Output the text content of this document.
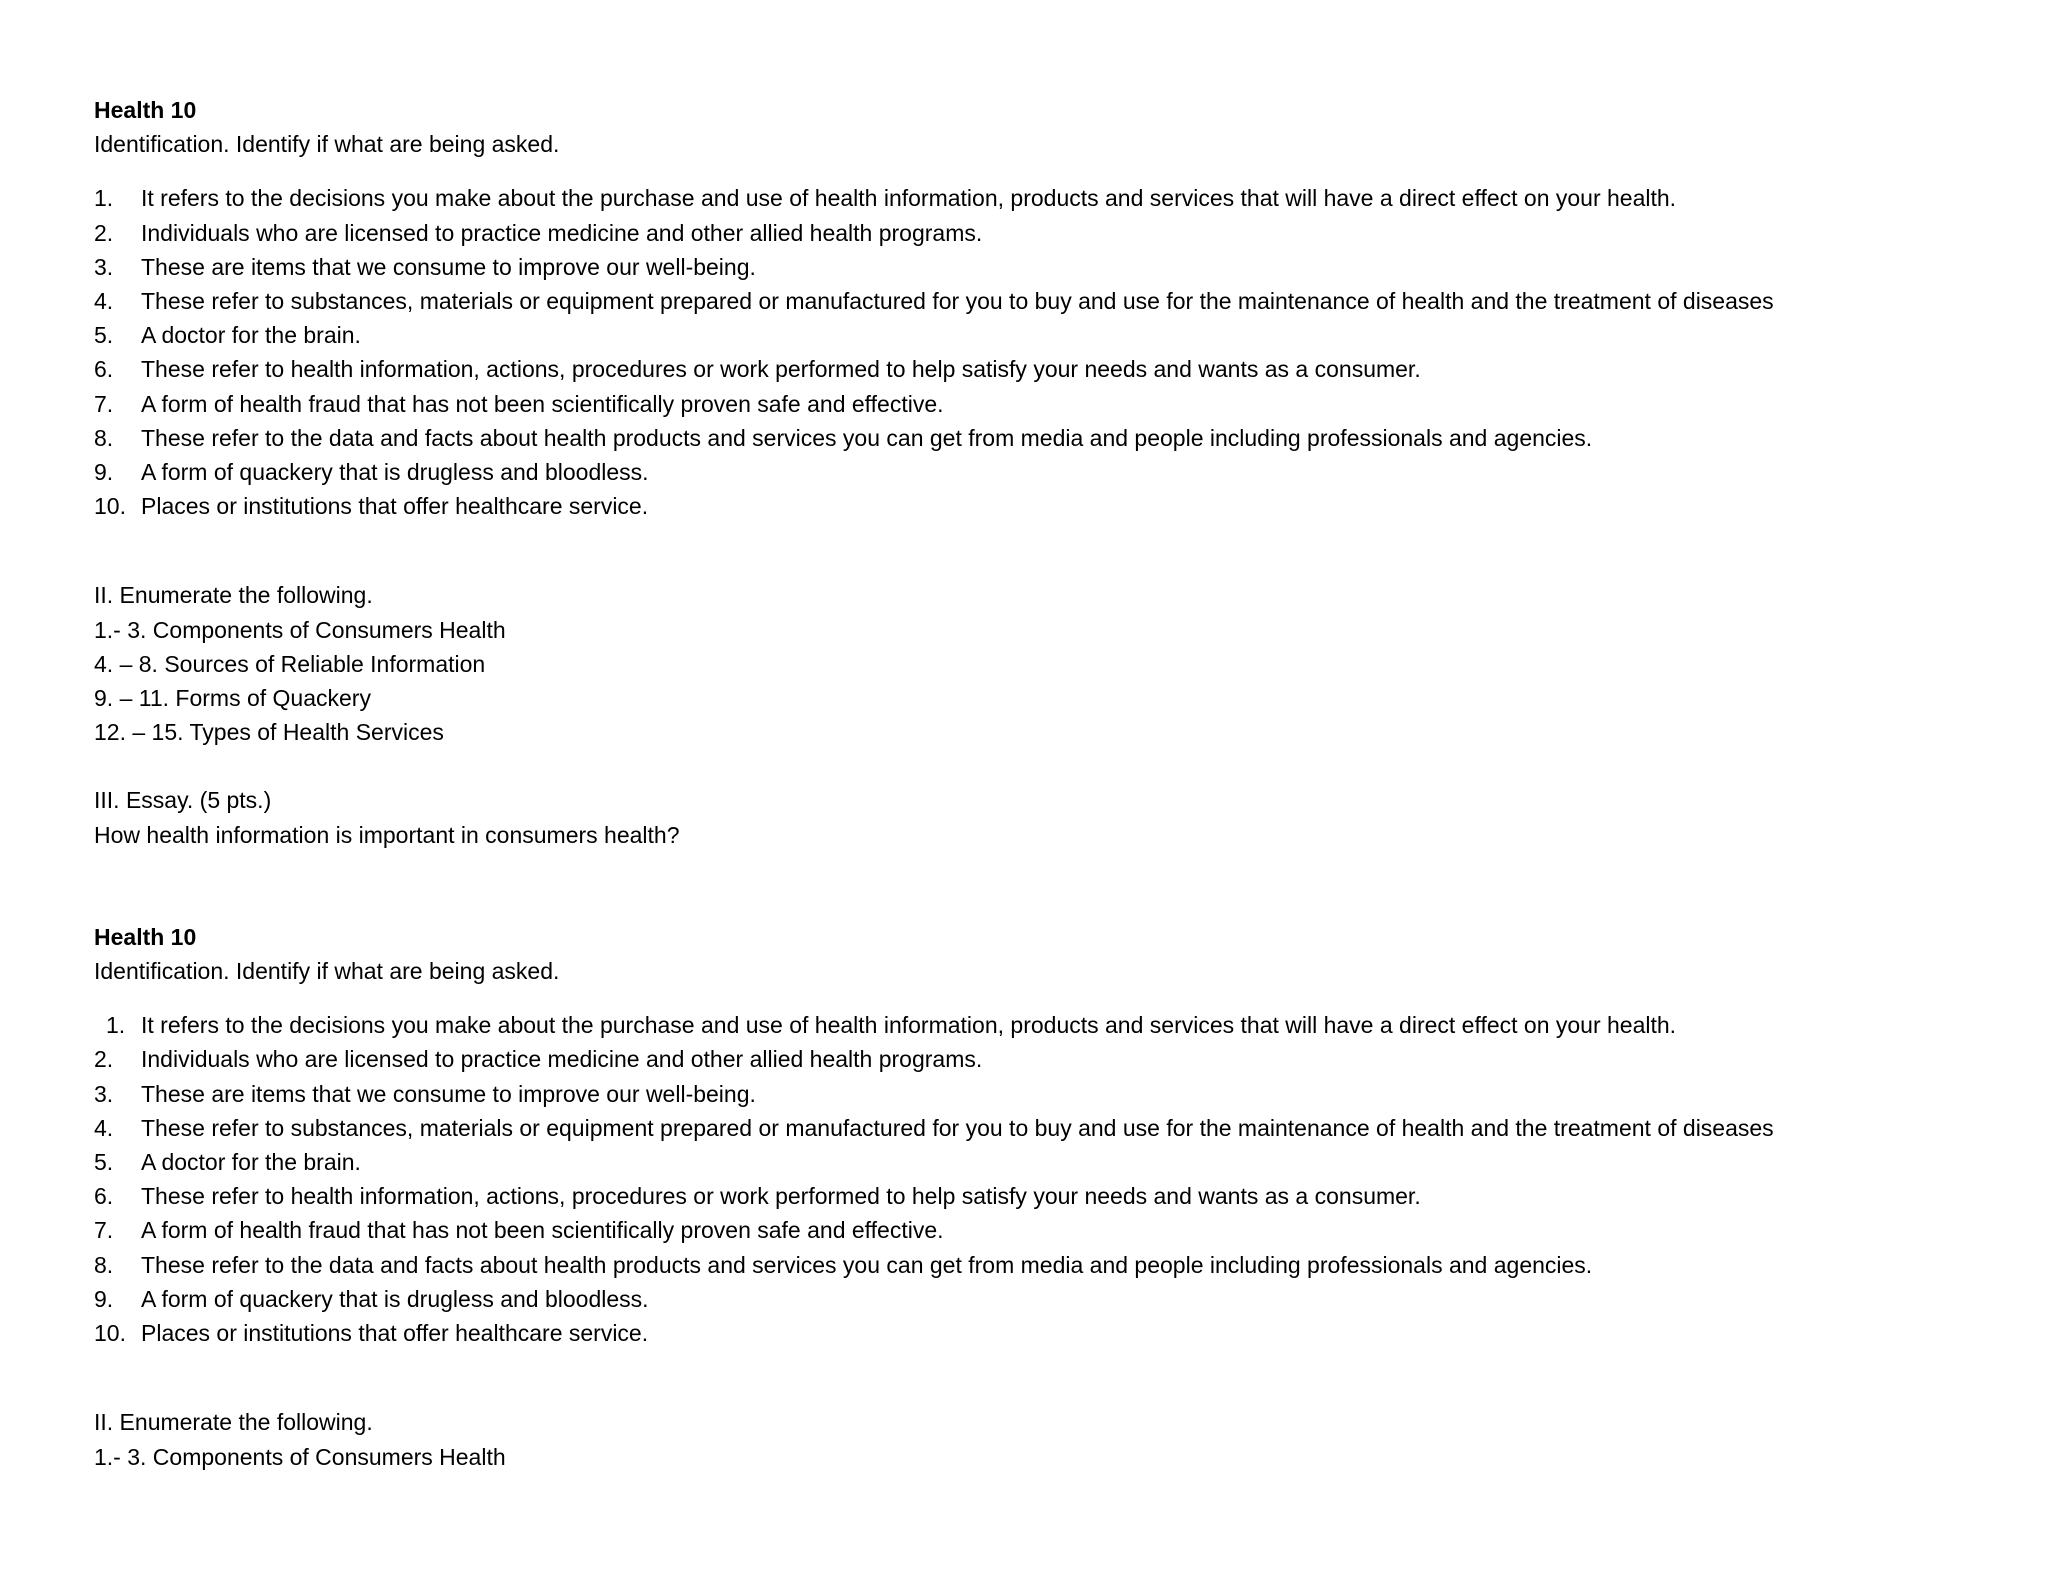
Health 10

Identification. Identify if what are being asked.

1. It refers to the decisions you make about the purchase and use of health information, products and services that will have a direct effect on your health.
2. Individuals who are licensed to practice medicine and other allied health programs.
3. These are items that we consume to improve our well-being.
4. These refer to substances, materials or equipment prepared or manufactured for you to buy and use for the maintenance of health and the treatment of diseases
5. A doctor for the brain.
6. These refer to health information, actions, procedures or work performed to help satisfy your needs and wants as a consumer.
7. A form of health fraud that has not been scientifically proven safe and effective.
8. These refer to the data and facts about health products and services you can get from media and people including professionals and agencies.
9. A form of quackery that is drugless and bloodless.
10. Places or institutions that offer healthcare service.

II. Enumerate the following.

1.- 3. Components of Consumers Health

4. – 8. Sources of Reliable Information

9. – 11. Forms of Quackery

12. – 15. Types of Health Services

III. Essay. (5 pts.)

How health information is important in consumers health?

Health 10

Identification. Identify if what are being asked.

1. It refers to the decisions you make about the purchase and use of health information, products and services that will have a direct effect on your health.
2. Individuals who are licensed to practice medicine and other allied health programs.
3. These are items that we consume to improve our well-being.
4. These refer to substances, materials or equipment prepared or manufactured for you to buy and use for the maintenance of health and the treatment of diseases
5. A doctor for the brain.
6. These refer to health information, actions, procedures or work performed to help satisfy your needs and wants as a consumer.
7. A form of health fraud that has not been scientifically proven safe and effective.
8. These refer to the data and facts about health products and services you can get from media and people including professionals and agencies.
9. A form of quackery that is drugless and bloodless.
10. Places or institutions that offer healthcare service.

II. Enumerate the following.

1.- 3. Components of Consumers Health
